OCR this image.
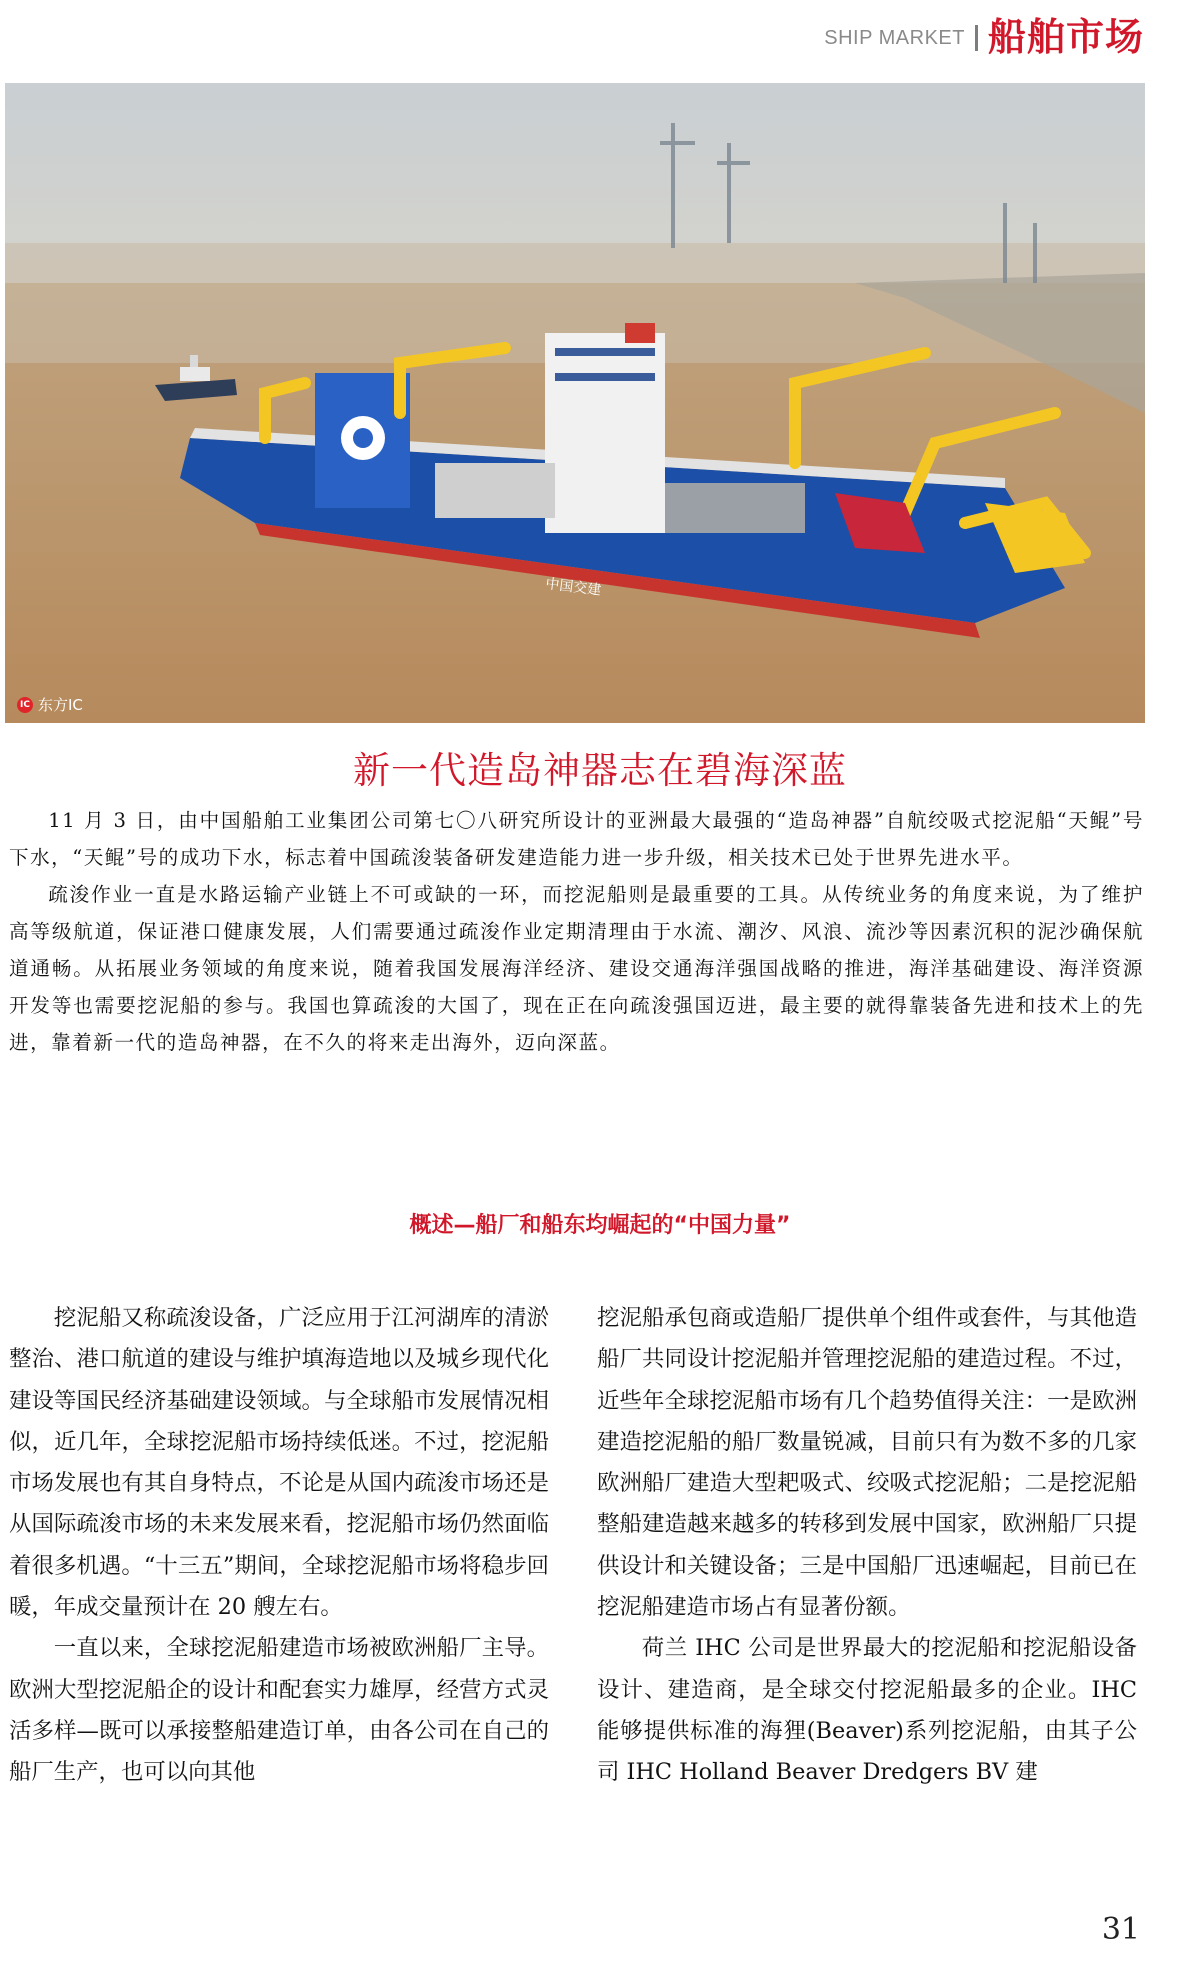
SHIP MARKET 船舶市场
中国交建
IC 东方IC
新一代造岛神器志在碧海深蓝

11 月 3 日，由中国船舶工业集团公司第七〇八研究所设计的亚洲最大最强的“造岛神器”自航绞吸式挖泥船“天鲲”号下水，“天鲲”号的成功下水，标志着中国疏浚装备研发建造能力进一步升级，相关技术已处于世界先进水平。

疏浚作业一直是水路运输产业链上不可或缺的一环，而挖泥船则是最重要的工具。从传统业务的角度来说，为了维护高等级航道，保证港口健康发展，人们需要通过疏浚作业定期清理由于水流、潮汐、风浪、流沙等因素沉积的泥沙确保航道通畅。从拓展业务领域的角度来说，随着我国发展海洋经济、建设交通海洋强国战略的推进，海洋基础建设、海洋资源开发等也需要挖泥船的参与。我国也算疏浚的大国了，现在正在向疏浚强国迈进，最主要的就得靠装备先进和技术上的先进，靠着新一代的造岛神器，在不久的将来走出海外，迈向深蓝。

概述—船厂和船东均崛起的“中国力量”

挖泥船又称疏浚设备，广泛应用于江河湖库的清淤整治、港口航道的建设与维护填海造地以及城乡现代化建设等国民经济基础建设领域。与全球船市发展情况相似，近几年，全球挖泥船市场持续低迷。不过，挖泥船市场发展也有其自身特点，不论是从国内疏浚市场还是从国际疏浚市场的未来发展来看，挖泥船市场仍然面临着很多机遇。“十三五”期间，全球挖泥船市场将稳步回暖，年成交量预计在 20 艘左右。

一直以来，全球挖泥船建造市场被欧洲船厂主导。欧洲大型挖泥船企的设计和配套实力雄厚，经营方式灵活多样—既可以承接整船建造订单，由各公司在自己的船厂生产，也可以向其他

挖泥船承包商或造船厂提供单个组件或套件，与其他造船厂共同设计挖泥船并管理挖泥船的建造过程。不过，近些年全球挖泥船市场有几个趋势值得关注：一是欧洲建造挖泥船的船厂数量锐减，目前只有为数不多的几家欧洲船厂建造大型耙吸式、绞吸式挖泥船；二是挖泥船整船建造越来越多的转移到发展中国家，欧洲船厂只提供设计和关键设备；三是中国船厂迅速崛起，目前已在挖泥船建造市场占有显著份额。

荷兰 IHC 公司是世界最大的挖泥船和挖泥船设备设计、建造商，是全球交付挖泥船最多的企业。IHC 能够提供标准的海狸(Beaver)系列挖泥船，由其子公司 IHC Holland Beaver Dredgers BV 建

31
